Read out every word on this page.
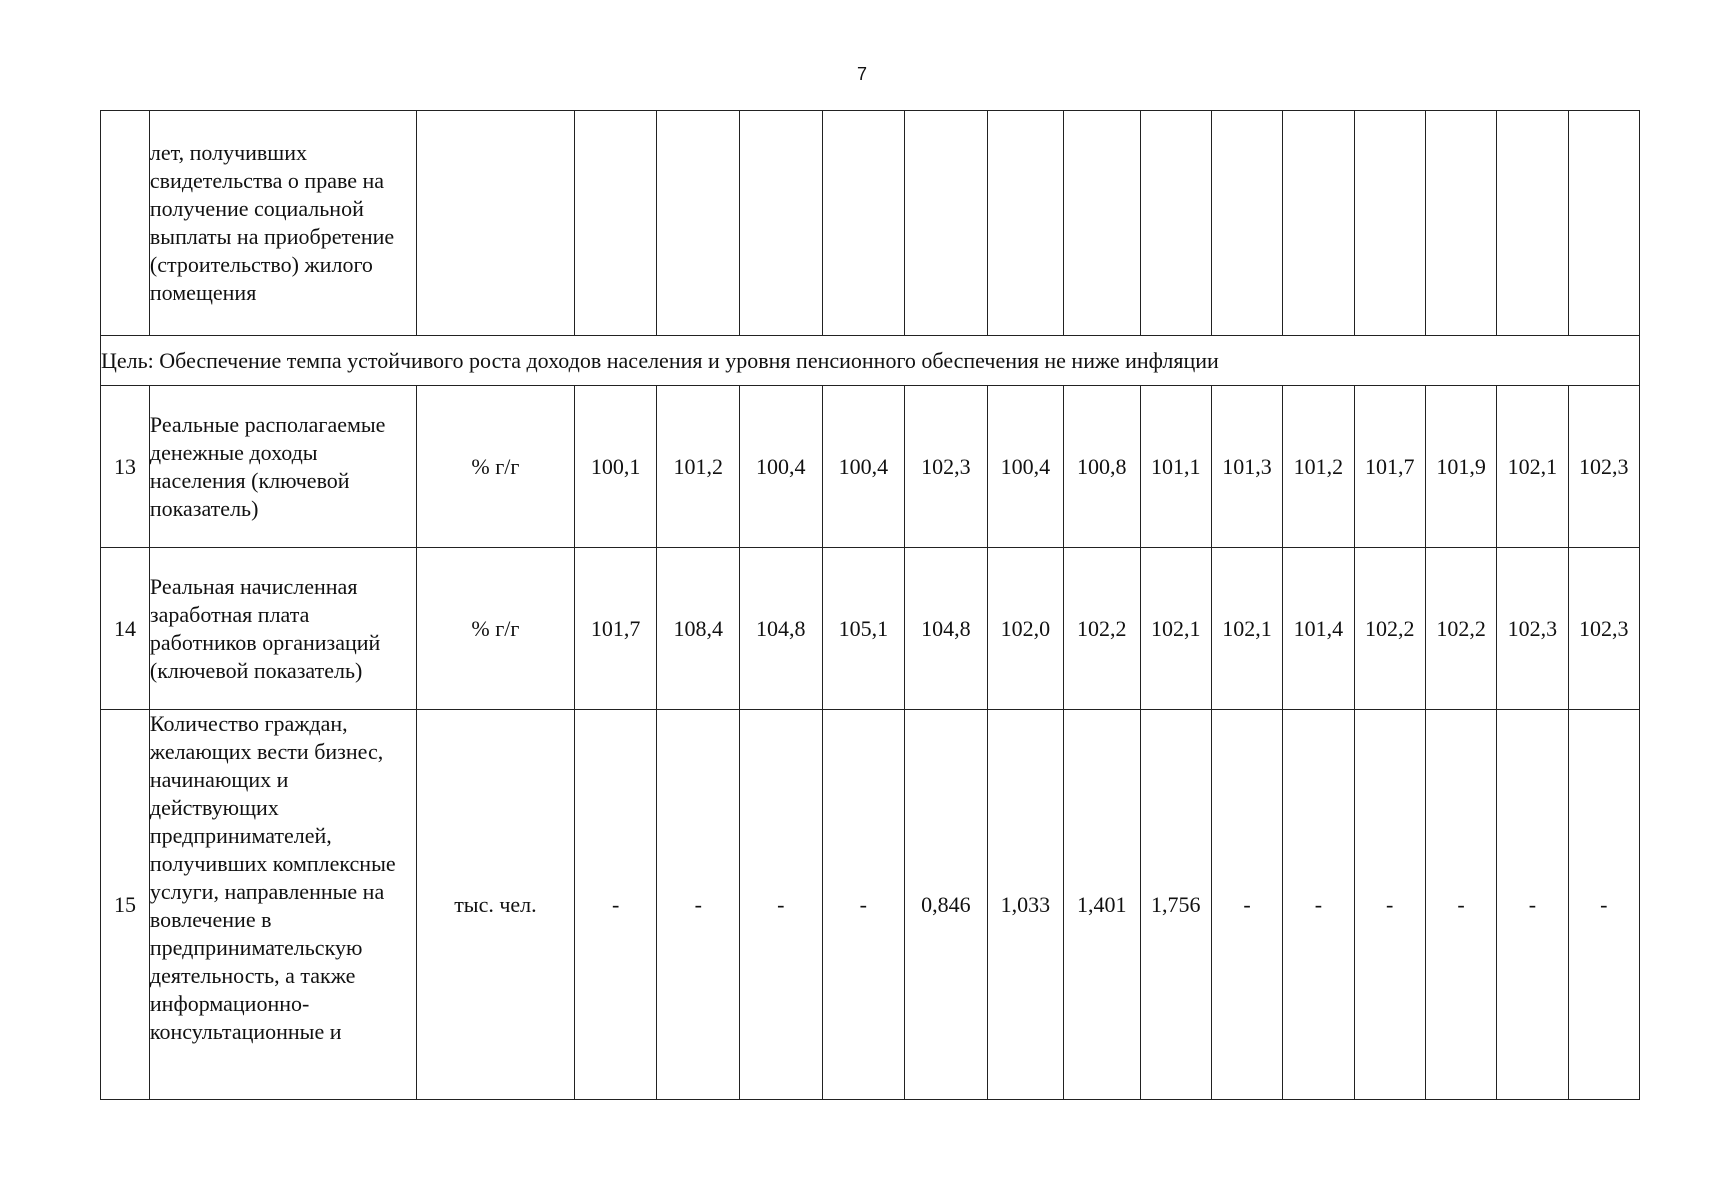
7
	лет, получивших свидетельства о праве на получение социальной выплаты на приобретение (строительство) жилого помещения															
Цель: Обеспечение темпа устойчивого роста доходов населения и уровня пенсионного обеспечения не ниже инфляции																
13	Реальные располагаемые денежные доходы населения (ключевой показатель)	% г/г	100,1	101,2	100,4	100,4	102,3	100,4	100,8	101,1	101,3	101,2	101,7	101,9	102,1	102,3
14	Реальная начисленная заработная плата работников организаций (ключевой показатель)	% г/г	101,7	108,4	104,8	105,1	104,8	102,0	102,2	102,1	102,1	101,4	102,2	102,2	102,3	102,3
15	Количество граждан, желающих вести бизнес, начинающих и действующих предпринимателей, получивших комплексные услуги, направленные на вовлечение в предпринимательскую деятельность, а также информационно-консультационные и	тыс. чел.	-	-	-	-	0,846	1,033	1,401	1,756	-	-	-	-	-	-
